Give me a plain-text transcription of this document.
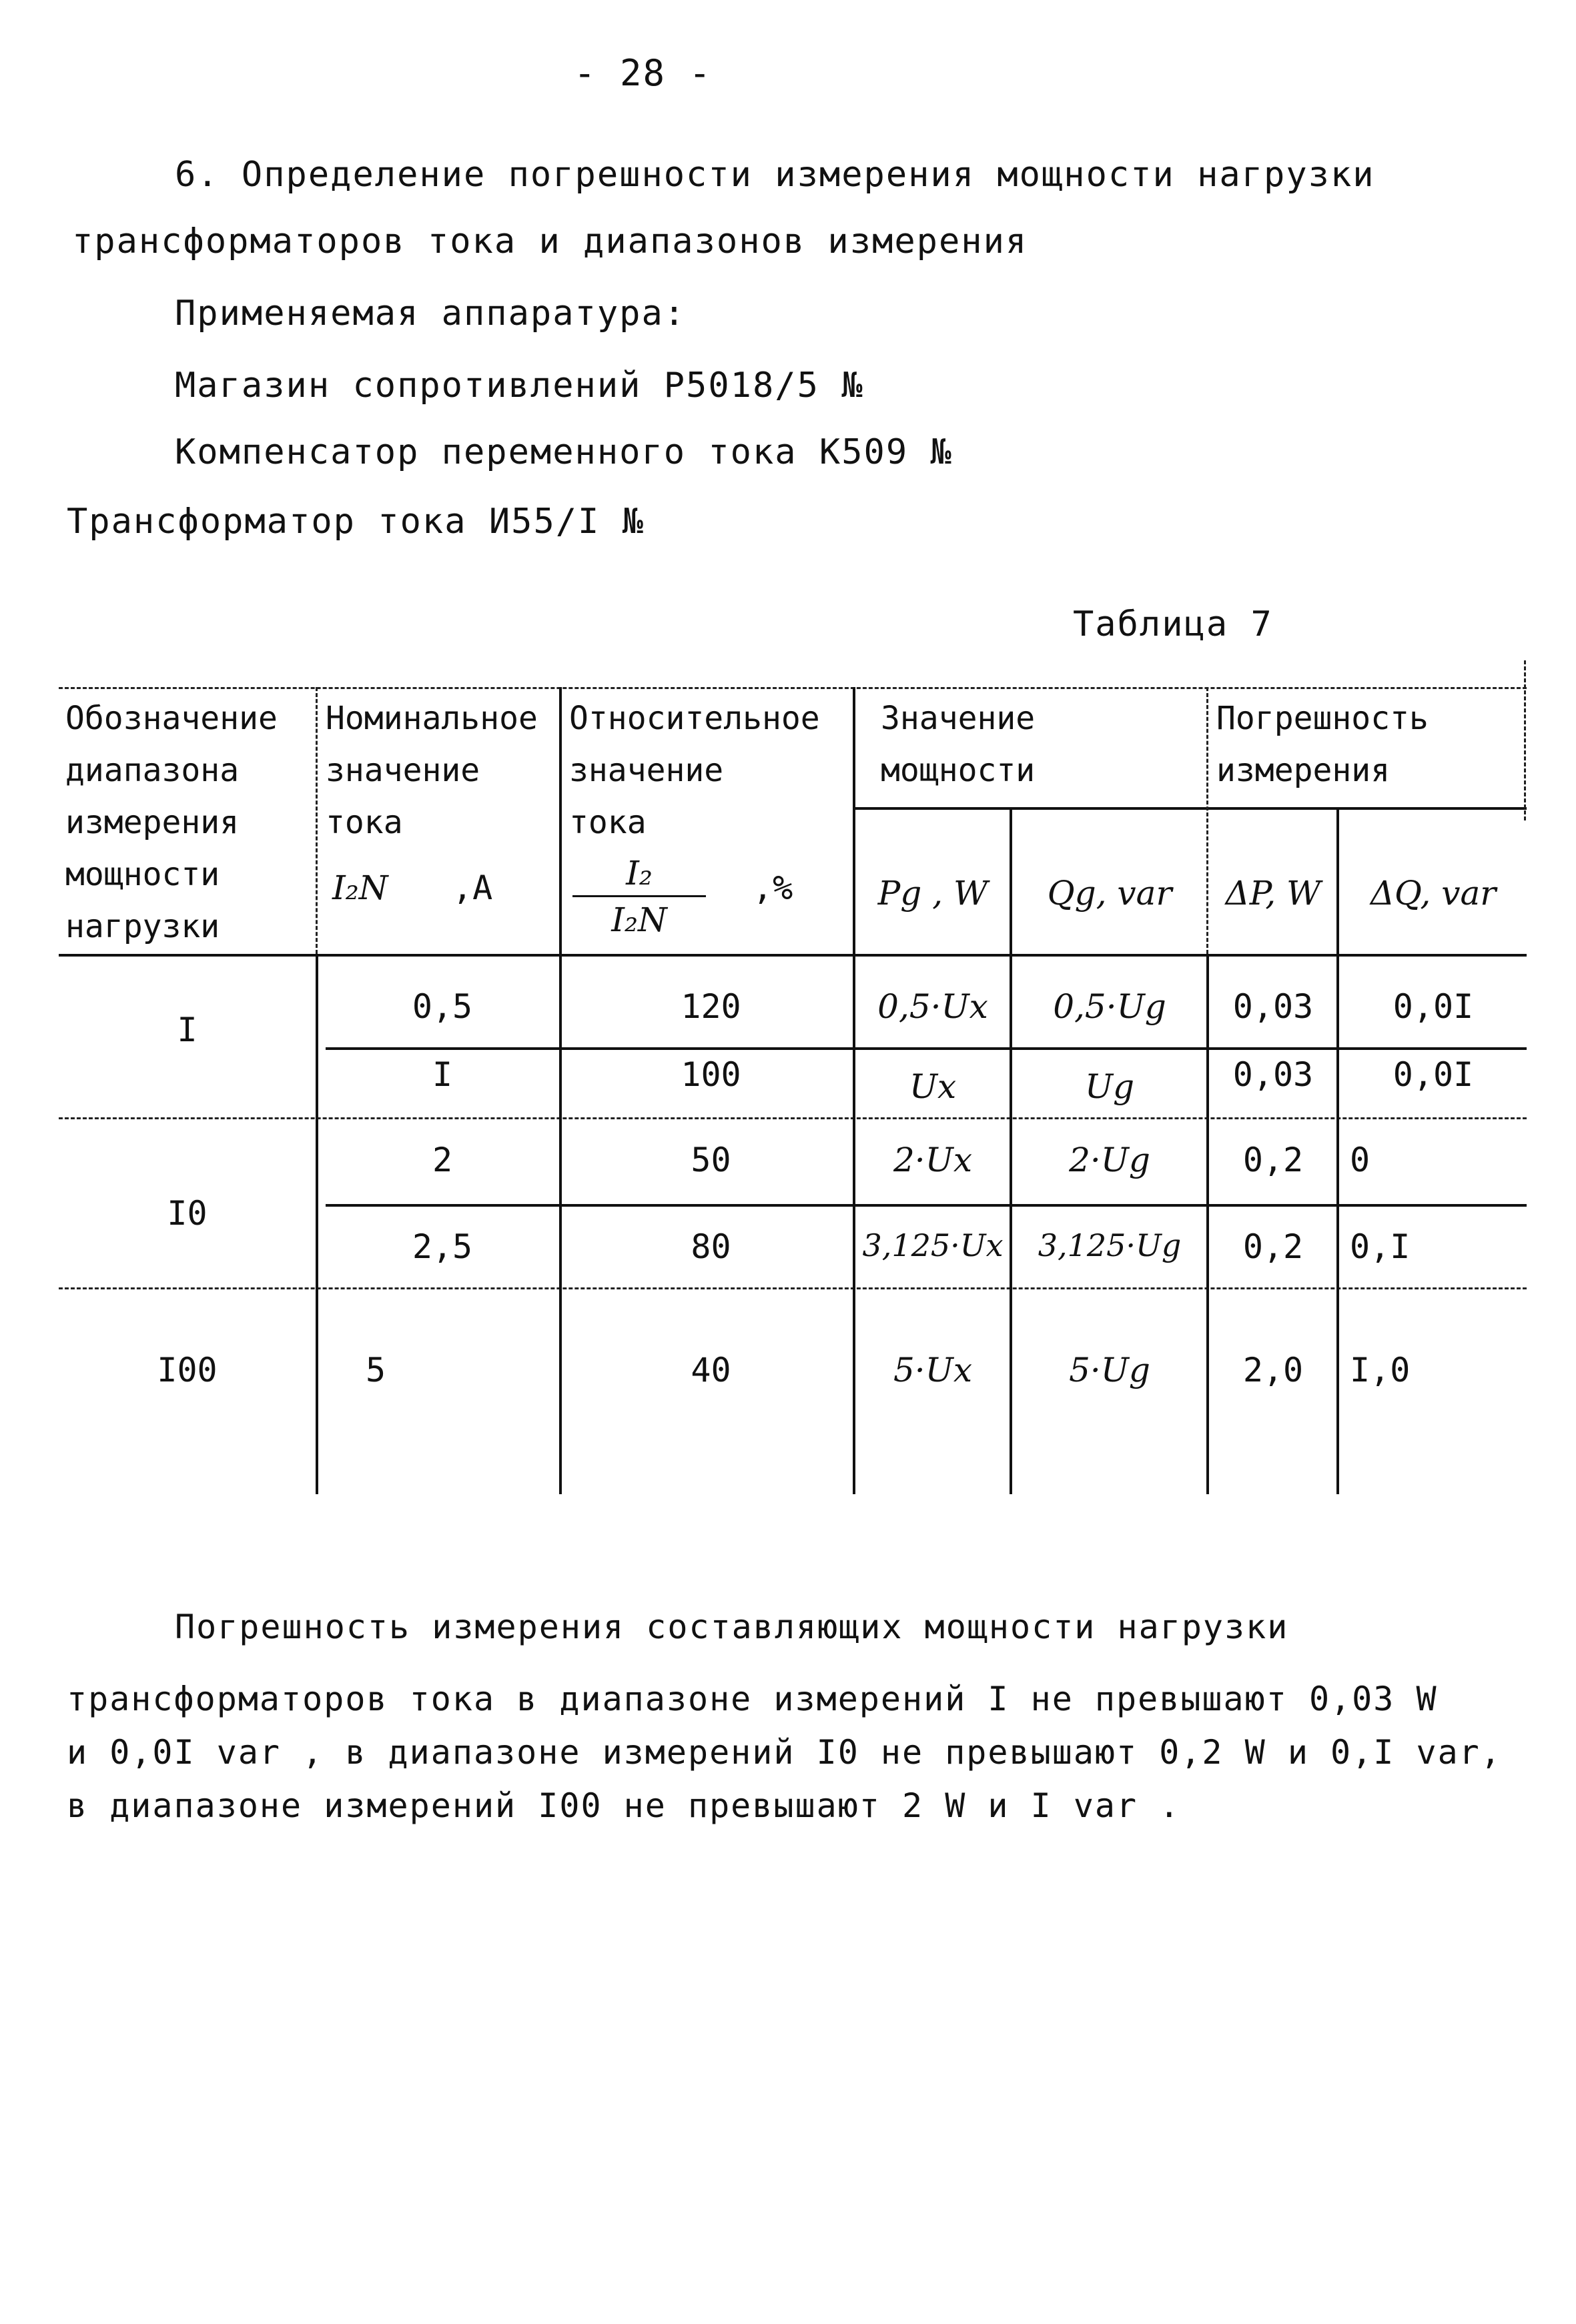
- 28 -
6. Определение погрешности измерения мощности нагрузки
трансформаторов тока и диапазонов измерения
Применяемая аппаратура:
Магазин сопротивлений Р5018/5 №
Компенсатор переменного тока К509 №
Трансформатор тока И55/I №
Таблица 7
Обозначение
диапазона
измерения
мощности
нагрузки
Номинальное
значение
тока
I₂N ,А
Относительное
значение
тока
I₂
I₂N
,%
Значение
мощности
Pg , W	Qg, var
Погрешность
измерения
ΔP, W	ΔQ, var
I
0,5	120	0,5·Ux	0,5·Ug	0,03	0,0I
I	100	Ux	Ug	0,03	0,0I
I0
2	50	2·Ux	2·Ug	0,2	0
2,5	80	3,125·Ux	3,125·Ug	0,2	0,I
I00	5	40	5·Ux	5·Ug	2,0	I,0
Погрешность измерения составляющих мощности нагрузки
трансформаторов тока в диапазоне измерений I не превышают 0,03 W
и 0,0I var , в диапазоне измерений I0 не превышают 0,2 W и 0,I var,
в диапазоне измерений I00 не превышают 2 W и I var .
